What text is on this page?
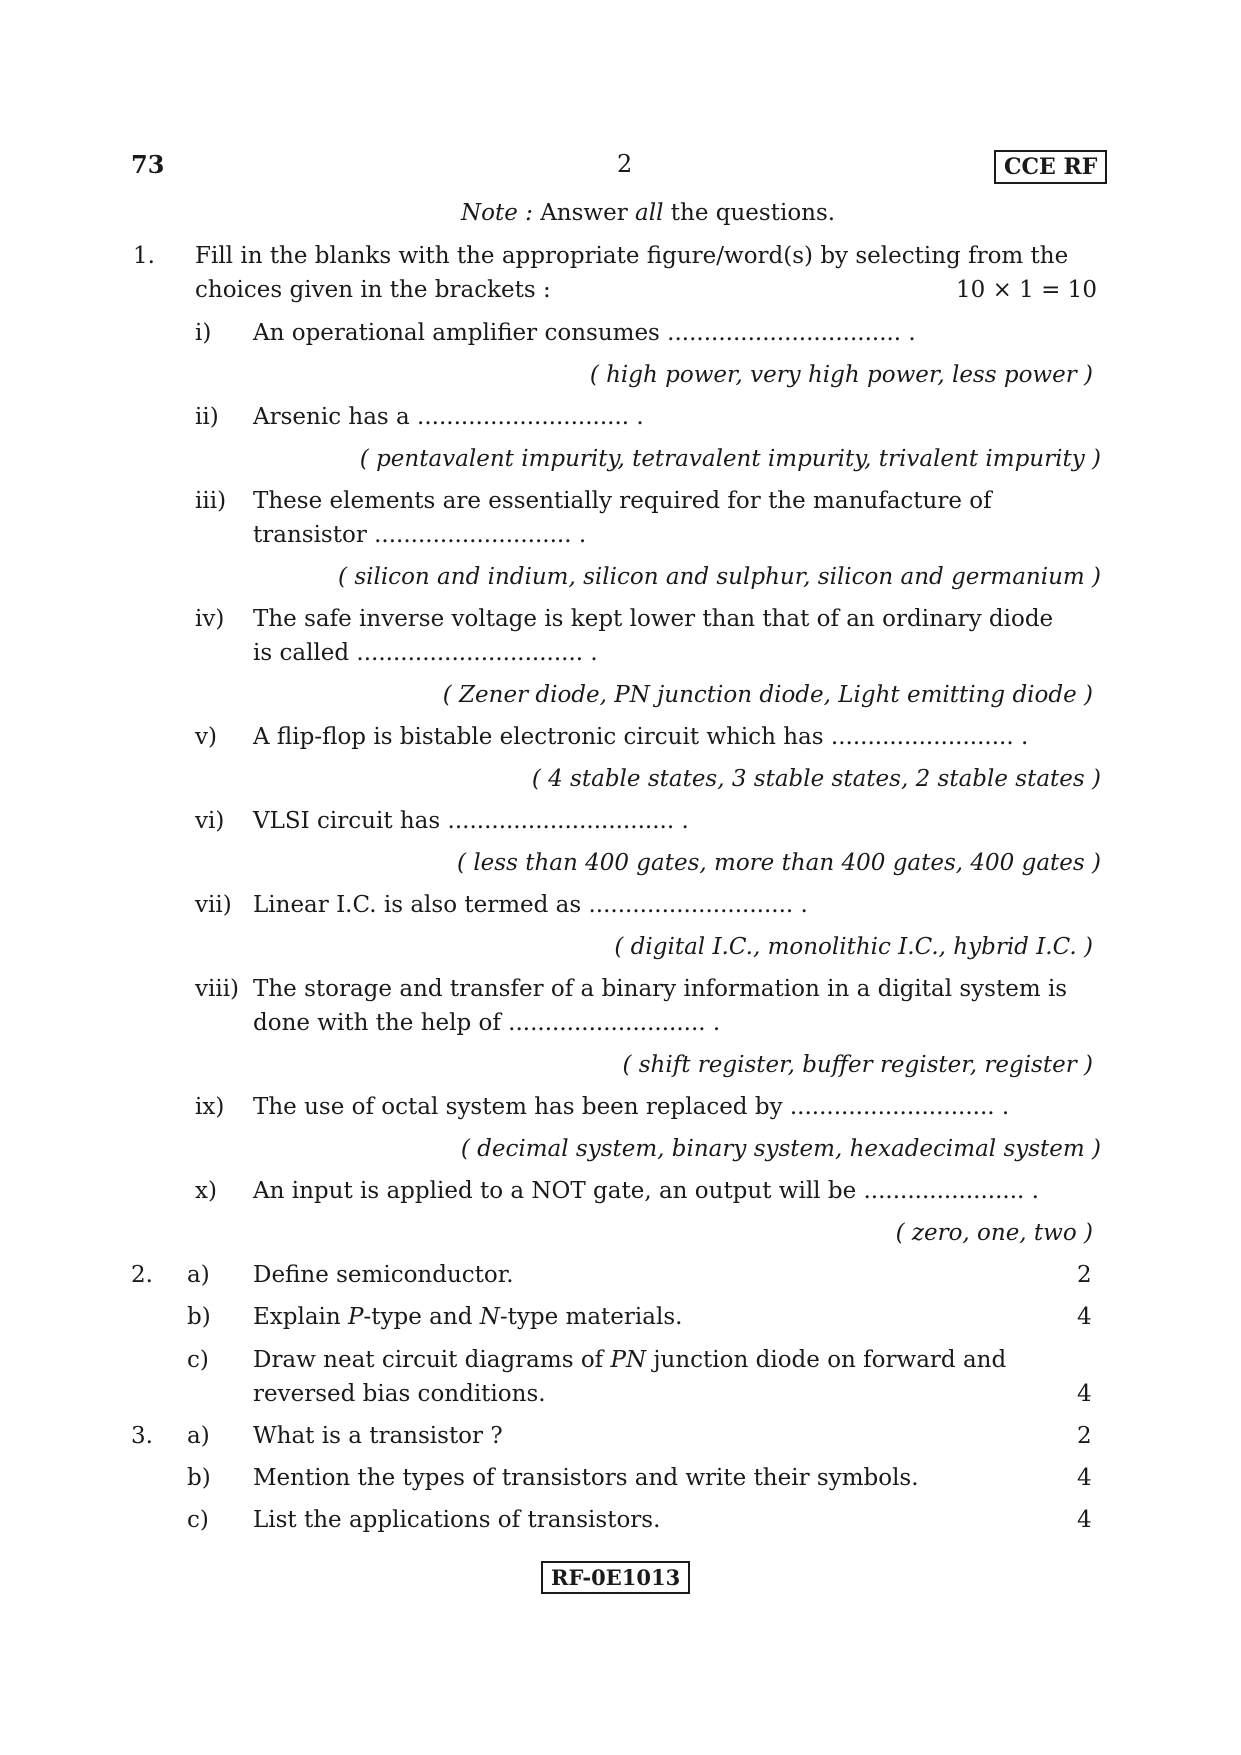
73	2	CCE RF
Note : Answer all the questions.
1. Fill in the blanks with the appropriate figure/word(s) by selecting from the
choices given in the brackets :	10 × 1 = 10
i) An operational amplifier consumes ................................ .
( high power, very high power, less power )
ii) Arsenic has a ............................. .
( pentavalent impurity, tetravalent impurity, trivalent impurity )
iii) These elements are essentially required for the manufacture of
transistor ........................... .
( silicon and indium, silicon and sulphur, silicon and germanium )
iv) The safe inverse voltage is kept lower than that of an ordinary diode
is called ............................... .
( Zener diode, PN junction diode, Light emitting diode )
v) A flip-flop is bistable electronic circuit which has ......................... .
( 4 stable states, 3 stable states, 2 stable states )
vi) VLSI circuit has ............................... .
( less than 400 gates, more than 400 gates, 400 gates )
vii) Linear I.C. is also termed as ............................ .
( digital I.C., monolithic I.C., hybrid I.C. )
viii) The storage and transfer of a binary information in a digital system is
done with the help of ........................... .
( shift register, buffer register, register )
ix) The use of octal system has been replaced by ............................ .
( decimal system, binary system, hexadecimal system )
x) An input is applied to a NOT gate, an output will be ...................... .
( zero, one, two )
2. a) Define semiconductor.	2
b) Explain P-type and N-type materials.	4
c) Draw neat circuit diagrams of PN junction diode on forward and
reversed bias conditions.	4
3. a) What is a transistor ?	2
b) Mention the types of transistors and write their symbols.	4
c) List the applications of transistors.	4
RF-0E1013
